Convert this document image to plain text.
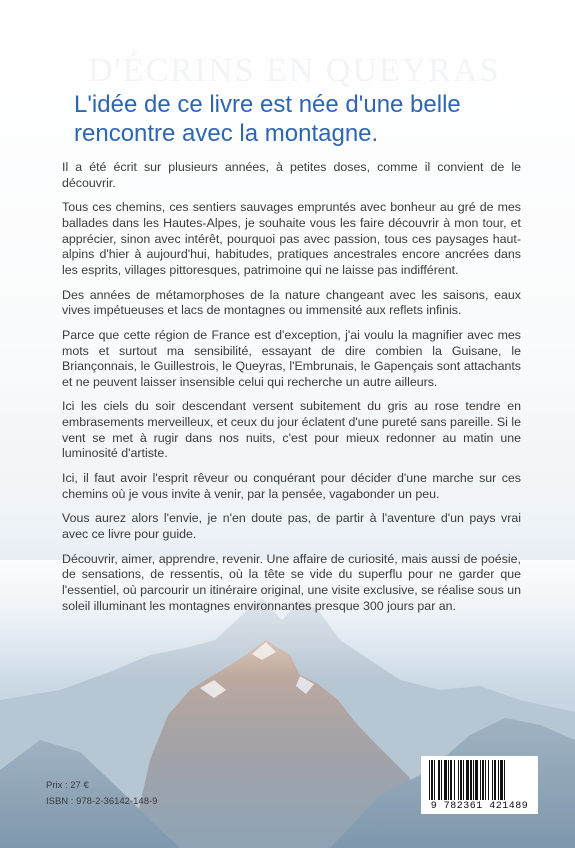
D'ÉCRINS EN QUEYRAS
L'idée de ce livre est née d'une belle rencontre avec la montagne.

Il a été écrit sur plusieurs années, à petites doses, comme il convient de le découvrir.

Tous ces chemins, ces sentiers sauvages empruntés avec bonheur au gré de mes ballades dans les Hautes-Alpes, je souhaite vous les faire découvrir à mon tour, et apprécier, sinon avec intérêt, pourquoi pas avec passion, tous ces paysages haut-alpins d'hier à aujourd'hui, habitudes, pratiques ancestrales encore ancrées dans les esprits, villages pittoresques, patrimoine qui ne laisse pas indifférent.

Des années de métamorphoses de la nature changeant avec les saisons, eaux vives impétueuses et lacs de montagnes ou immensité aux reflets infinis.

Parce que cette région de France est d'exception, j'ai voulu la magnifier avec mes mots et surtout ma sensibilité, essayant de dire combien la Guisane, le Briançonnais, le Guillestrois, le Queyras, l'Embrunais, le Gapençais sont attachants et ne peuvent laisser insensible celui qui recherche un autre ailleurs.

Ici les ciels du soir descendant versent subitement du gris au rose tendre en embrasements merveilleux, et ceux du jour éclatent d'une pureté sans pareille. Si le vent se met à rugir dans nos nuits, c'est pour mieux redonner au matin une luminosité d'artiste.

Ici, il faut avoir l'esprit rêveur ou conquérant pour décider d'une marche sur ces chemins où je vous invite à venir, par la pensée, vagabonder un peu.

Vous aurez alors l'envie, je n'en doute pas, de partir à l'aventure d'un pays vrai avec ce livre pour guide.

Découvrir, aimer, apprendre, revenir. Une affaire de curiosité, mais aussi de poésie, de sensations, de ressentis, où la tête se vide du superflu pour ne garder que l'essentiel, où parcourir un itinéraire original, une visite exclusive, se réalise sous un soleil illuminant les montagnes environnantes presque 300 jours par an.

Prix : 27 €
ISBN : 978-2-36142-148-9	9 782361 421489
